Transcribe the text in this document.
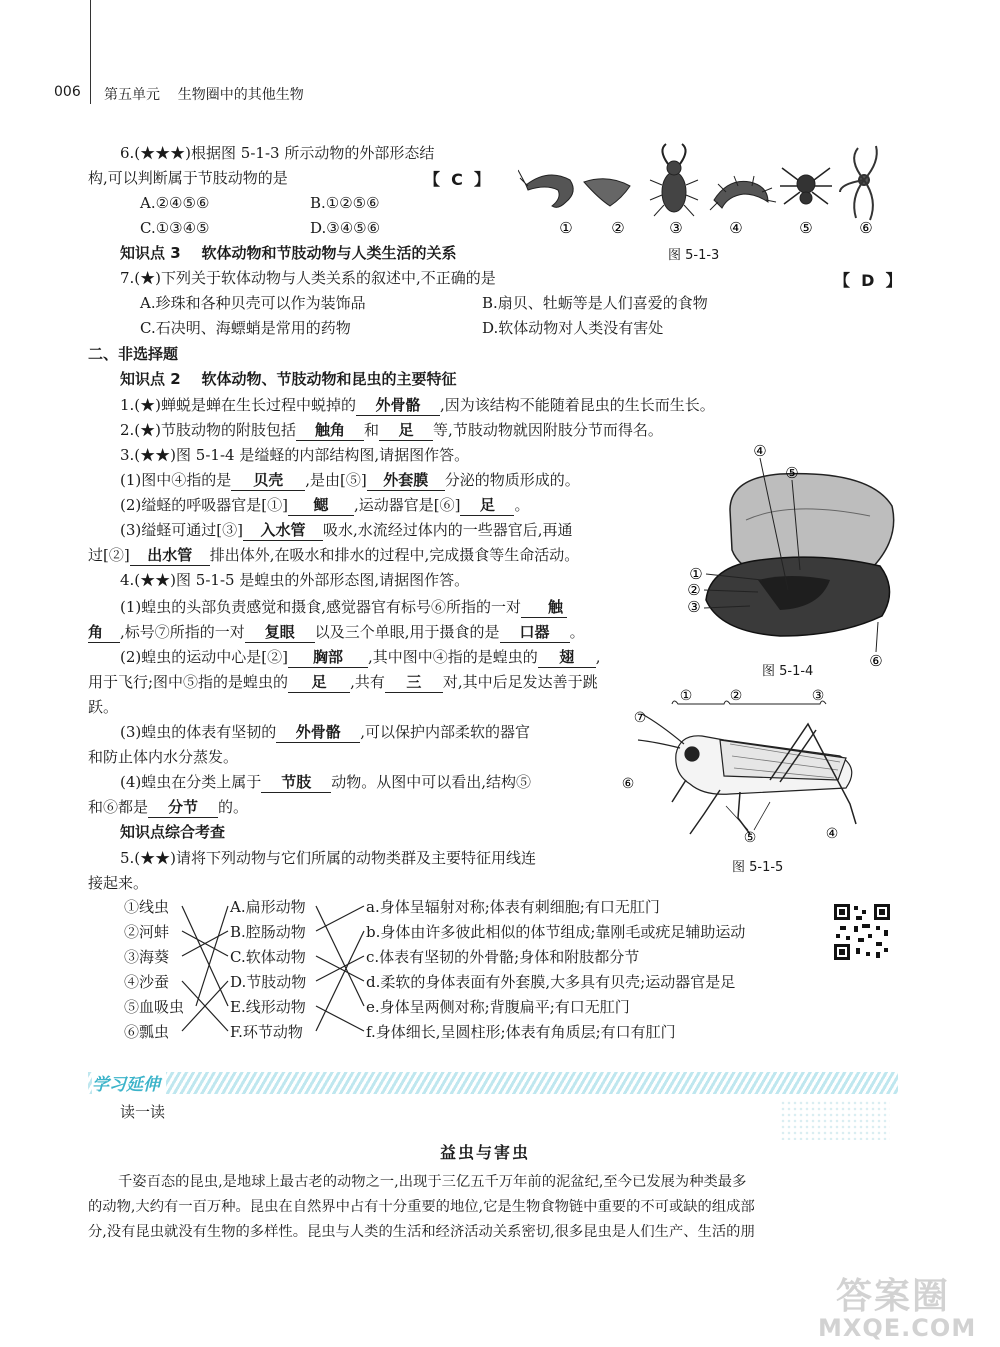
006 第五单元    生物圈中的其他生物
6.(★★★)根据图 5-1-3 所示动物的外部形态结
构,可以判断属于节肢动物的是	【  C  】
A.②④⑤⑥	B.①②⑤⑥
C.①③④⑤	D.③④⑤⑥	①	②	③	④	⑤	⑥
图 5-1-3
知识点 3    软体动物和节肢动物与人类生活的关系
7.(★)下列关于软体动物与人类关系的叙述中,不正确的是	【  D  】
A.珍珠和各种贝壳可以作为装饰品	B.扇贝、牡蛎等是人们喜爱的食物
C.石决明、海螵蛸是常用的药物	D.软体动物对人类没有害处
二、非选择题
知识点 2    软体动物、节肢动物和昆虫的主要特征
1.(★)蝉蜕是蝉在生长过程中蜕掉的 外骨骼 ,因为该结构不能随着昆虫的生长而生长。
2.(★)节肢动物的附肢包括 触角 和 足 等,节肢动物就因附肢分节而得名。
3.(★★)图 5-1-4 是缢蛏的内部结构图,请据图作答。
(1)图中④指的是 贝壳 ,是由[⑤] 外套膜 分泌的物质形成的。
(2)缢蛏的呼吸器官是[①] 鳃 ,运动器官是[⑥] 足 。
(3)缢蛏可通过[③] 入水管 吸水,水流经过体内的一些器官后,再通
过[②] 出水管 排出体外,在吸水和排水的过程中,完成摄食等生命活动。
④
⑤
①
②
③
⑥
图 5-1-4
4.(★★)图 5-1-5 是蝗虫的外部形态图,请据图作答。
(1)蝗虫的头部负责感觉和摄食,感觉器官有标号⑥所指的一对 触
角 ,标号⑦所指的一对 复眼 以及三个单眼,用于摄食的是 口器 。
(2)蝗虫的运动中心是[②] 胸部 ,其中图中④指的是蝗虫的 翅 ,
用于飞行;图中⑤指的是蝗虫的 足 ,共有 三 对,其中后足发达善于跳
跃。
(3)蝗虫的体表有坚韧的 外骨骼 ,可以保护内部柔软的器官
和防止体内水分蒸发。
(4)蝗虫在分类上属于 节肢 动物。从图中可以看出,结构⑤
和⑥都是 分节 的。
①	②	③
⑦
⑥
⑤	④
图 5-1-5
知识点综合考查
5.(★★)请将下列动物与它们所属的动物类群及主要特征用线连
接起来。
①线虫
②河蚌
③海葵
④沙蚕
⑤血吸虫
⑥瓢虫
A.扁形动物
B.腔肠动物
C.软体动物
D.节肢动物
E.线形动物
F.环节动物
a.身体呈辐射对称;体表有刺细胞;有口无肛门
b.身体由许多彼此相似的体节组成;靠刚毛或疣足辅助运动
c.体表有坚韧的外骨骼;身体和附肢都分节
d.柔软的身体表面有外套膜,大多具有贝壳;运动器官是足
e.身体呈两侧对称;背腹扁平;有口无肛门
f.身体细长,呈圆柱形;体表有角质层;有口有肛门
学习延伸
读一读
益虫与害虫
千姿百态的昆虫,是地球上最古老的动物之一,出现于三亿五千万年前的泥盆纪,至今已发展为种类最多
的动物,大约有一百万种。昆虫在自然界中占有十分重要的地位,它是生物食物链中重要的不可或缺的组成部
分,没有昆虫就没有生物的多样性。昆虫与人类的生活和经济活动关系密切,很多昆虫是人们生产、生活的朋
答案圈
MXQE.COM
